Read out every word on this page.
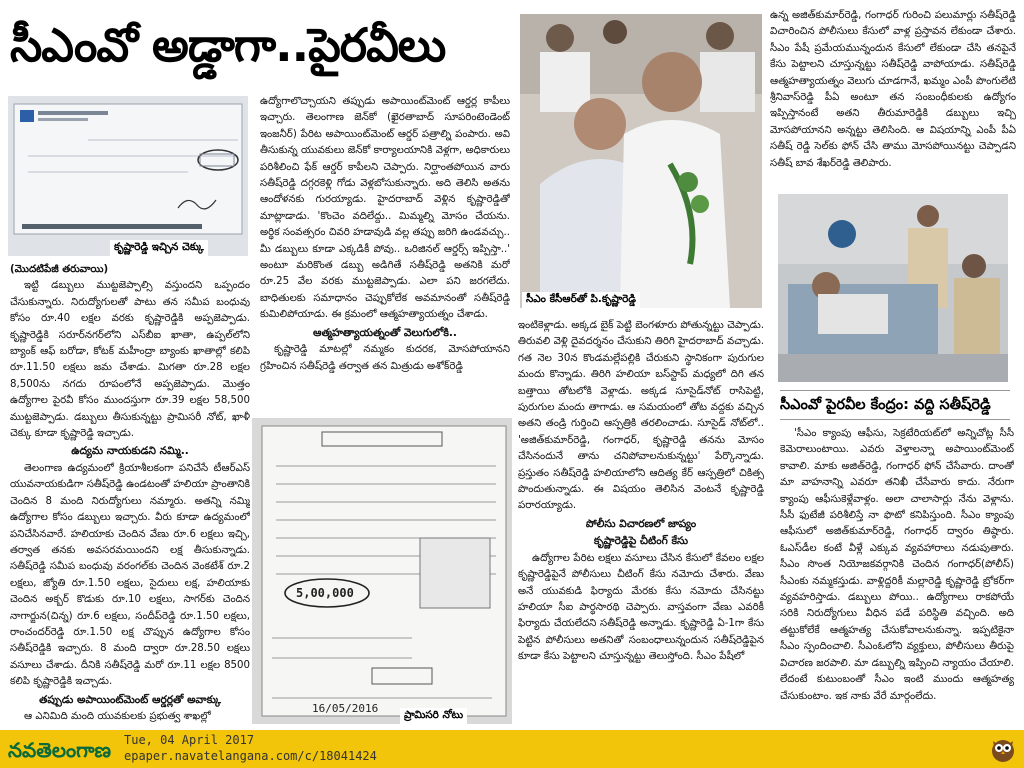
సీఎంవో అడ్డాగా..పైరవీలు
కృష్ణారెడ్డి ఇచ్చిన చెక్కు

(మొదటిపేజీ తరువాయి)

ఇట్టి డబ్బులు ముట్టజెప్పాల్సి వస్తుందని ఒప్పందం చేసుకున్నారు. నిరుద్యోగులతో పాటు తన సమీప బంధువు కోసం రూ.40 లక్షల వరకు కృష్ణారెడ్డికి అప్పజెప్పాడు. కృష్ణారెడ్డికి సరూర్‌నగర్‌లోని ఎస్‌బీఐ ఖాతా, ఉప్పల్‌లోని బ్యాంక్ ఆఫ్ బరోడా, కోటక్ మహీంద్రా బ్యాంకు ఖాతాల్లో కలిపి రూ.11.50 లక్షలు జమ చేశాడు. మిగతా రూ.28 లక్షల 8,500ను నగదు రూపంలోనే అప్పజెప్పాడు. మొత్తం ఉద్యోగాల పైరవీ కోసం ముందస్తుగా రూ.39 లక్షల 58,500 ముట్టజెప్పాడు. డబ్బులు తీసుకున్నట్టు ప్రామిసరీ నోట్, ఖాళీ చెక్కు కూడా కృష్ణారెడ్డి ఇచ్చాడు.

ఉద్యమ నాయకుడని నమ్మి..

తెలంగాణ ఉద్యమంలో క్రియాశీలకంగా పనిచేసే టీఆర్ఎస్ యువనాయకుడిగా సతీష్‌రెడ్డి ఉండటంతో హలియా ప్రాంతానికి చెందిన 8 మంది నిరుద్యోగులు నమ్మారు. అతన్ని నమ్మి ఉద్యోగాల కోసం డబ్బులు ఇచ్చారు. వీరు కూడా ఉద్యమంలో పనిచేసినవారే. హలియాకు చెందిన వేణు రూ.6 లక్షలు ఇచ్చి, తర్వాత తనకు అవసరమయిందని లక్ష తీసుకున్నాడు. సతీష్‌రెడ్డి సమీప బంధువు వరంగల్‌కు చెందిన వెంకటేశ్ రూ.2 లక్షలు, జ్యోతి రూ.1.50 లక్షలు, సైదులు లక్ష, హలియాకు చెందిన అక్బర్ కొడుకు రూ.10 లక్షలు, సాగర్‌కు చెందిన నాగార్జున(చిన్న) రూ.6 లక్షలు, సందీప్‌రెడ్డి రూ.1.50 లక్షలు, రాంచందర్‌రెడ్డి రూ.1.50 లక్ష చొప్పున ఉద్యోగాల కోసం సతీష్‌రెడ్డికి ఇచ్చారు. 8 మంది ద్వారా రూ.28.50 లక్షలు వసూలు చేశాడు. దీనికి సతీష్‌రెడ్డి మరో రూ.11 లక్షల 8500 కలిపి కృష్ణారెడ్డికి ఇచ్చాడు.

తప్పుడు అపాయింట్‌మెంట్ ఆర్డర్లతో అవాక్కు

ఆ ఎనిమిది మంది యువకులకు ప్రభుత్వ శాఖల్లో

ఉద్యోగాలొచ్చాయని తప్పుడు అపాయింట్‌మెంట్ ఆర్డర్ల కాపీలు ఇచ్చారు. తెలంగాణ జెన్‌కో (ఖైరతాబాద్ సూపరింటెండెంట్ ఇంజనీర్) పేరిట అపాయింట్‌మెంట్ ఆర్డర్ పత్రాల్ని పంపారు. అవి తీసుకున్న యువకులు జెన్‌కో కార్యాలయానికి వెళ్లగా, అధికారులు పరిశీలించి ఫేక్ ఆర్డర్ కాపీలని చెప్పారు. నిర్ఘాంతపోయిన వారు సతీష్‌రెడ్డి దగ్గరకెళ్లి గోడు వెళ్లబోసుకున్నారు. అది తెలిసి అతను ఆందోళనకు గురయ్యాడు. హైదరాబాద్ వెళ్లిన కృష్ణారెడ్డితో మాట్లాడాడు. 'కొంచెం వదిలేద్దు.. మిమ్మల్ని మోసం చేయను. అర్థిక సంవత్సరం చివరి హడావుడి వల్ల తప్పు జరిగి ఉండవచ్చు.. మీ డబ్బులు కూడా ఎక్కడికీ పోవు.. ఒరిజినల్ ఆర్డర్స్ ఇప్పిస్తా..' అంటూ మరికొంత డబ్బు అడిగితే సతీష్‌రెడ్డి అతనికి మరో రూ.25 వేల వరకు ముట్టజెప్పాడు. ఎలా పని జరగలేదు. బాధితులకు సమాధానం చెప్పుకోలేక అవమానంతో సతీష్‌రెడ్డి కుమిలిపోయాడు. ఈ క్రమంలో ఆత్మహత్యాయత్నం చేశాడు.

ఆత్మహత్యాయత్నంతో వెలుగులోకి..

కృష్ణారెడ్డి మాటల్లో నమ్మకం కుదరక, మోసపోయానని గ్రహించిన సతీష్‌రెడ్డి తర్వాత తన మిత్రుడు అశోక్‌రెడ్డి

5,00,000
16/05/2016	ప్రామిసరి నోటు
సీఎం కేసీఆర్‌తో పి.కృష్ణారెడ్డి

ఇంటికెళ్లాడు. అక్కడ బైక్ పెట్టి బెంగళూరు పోతున్నట్టు చెప్పాడు. తిరువలి వెళ్లి దైవదర్శనం చేసుకుని తిరిగి హైదరాబాద్ వచ్చాడు. గత నెల 30న కొండమల్లేపల్లికి చేరుకుని స్థానికంగా పురుగుల మందు కొన్నాడు. తిరిగి హలియా బస్‌స్టాప్ మధ్యలో దిగి తన బత్తాయి తోటలోకి వెళ్లాడు. అక్కడ సూసైడ్‌నోట్ రాసిపెట్టి, పురుగుల మందు తాగాడు. ఆ సమయంలో తోట వద్దకు వచ్చిన అతని తండ్రి గుర్తించి ఆస్పత్రికి తరలించాడు. సూసైడ్ నోట్‌లో.. 'అజిత్‌కుమార్‌రెడ్డి, గంగాధర్, కృష్ణారెడ్డి తనను మోసం చేసినందునే తాను చనిపోవాలనుకున్నట్టు' పేర్కొన్నాడు. ప్రస్తుతం సతీష్‌రెడ్డి హలియాలోని ఆదిత్య కేర్ ఆస్పత్రిలో చికిత్స పొందుతున్నాడు. ఈ విషయం తెలిసిన వెంటనే కృష్ణారెడ్డి పరారయ్యాడు.

పోలీసు విచారణలో జాప్యం

కృష్ణారెడ్డిపై చీటింగ్ కేసు

ఉద్యోగాల పేరిట లక్షలు వసూలు చేసిన కేసులో కేవలం లక్షల కృష్ణారెడ్డిపైనే పోలీసులు చీటింగ్ కేసు నమోదు చేశారు. వేణు అనే యువకుడి ఫిర్యాదు మేరకు కేసు నమోదు చేసినట్టు హలియా సీఐ పార్థసారథి చెప్పారు. వాస్తవంగా వేణు ఎవరికీ ఫిర్యాదు చేయలేదని సతీష్‌రెడ్డి అన్నాడు. కృష్ణారెడ్డి ఏ-1గా కేసు పెట్టిన పోలీసులు అతనితో సంబంధాలున్నందున సతీష్‌రెడ్డిపైన కూడా కేసు పెట్టాలని చూస్తున్నట్టు తెలుస్తోంది. సీఎం పేషీలో

ఉన్న అజిత్‌కుమార్‌రెడ్డి, గంగాధర్ గురించి పలుమార్లు సతీష్‌రెడ్డి విచారించిన పోలీసులు కేసులో వాళ్ల ప్రస్తావన లేకుండా చేశారు. సీఎం పేషీ ప్రమేయమున్నందున కేసులో లేకుండా చేసి తనపైనే కేసు పెట్టాలని చూస్తున్నట్టు సతీష్‌రెడ్డి వాపోయాడు. సతీష్‌రెడ్డి ఆత్మహత్యాయత్నం వెలుగు చూడగానే, ఖమ్మం ఎంపీ పొంగులేటి శ్రీనివాస్‌రెడ్డి పీఏ అంటూ తన సంబంధీకులకు ఉద్యోగం ఇప్పిస్తానంటే అతని తీరుమారెడ్డికి డబ్బులు ఇచ్చి మోసపోయానని అన్నట్టు తెలిసింది. ఆ విషయాన్ని ఎంపీ పీఏ సతీష్ రెడ్డి సెల్‌కు ఫోన్ చేసి తాము మోసపోయినట్టు చెప్పాడని సతీష్ బావ శేఖర్‌రెడ్డి తెలిపారు.

సీఎంవో పైరవీల కేంద్రం: వద్ది సతీష్‌రెడ్డి

'సీఎం క్యాంపు ఆఫీసు, సెక్రటేరియట్‌లో అన్నిచోట్ల సీసీ కెమెరాలుంటాయి. ఎవరు వెళ్తాలన్నా అపాయింట్‌మెంట్ కావాలి. మాకు అజిత్‌రెడ్డి, గంగాధర్ ఫోన్ చేసేవారు. దాంతో మా వాహనాన్ని ఎవరూ తనిఖీ చేసేవారు కాదు. నేరుగా క్యాంపు ఆఫీసుకెళ్లేవాళ్లం. అలా చాలాసార్లు నేను వెళ్లాను. సీసీ ఫుటేజీ పరిశీలిస్తే నా ఫొటో కనిపిస్తుంది. సీఎం క్యాంపు ఆఫీసులో అజిత్‌కుమార్‌రెడ్డి, గంగాధర్ ద్వారం తిష్ఠారు. ఓఎస్‌డీల కంటే వీళ్లే ఎక్కువ వ్యవహారాలు నడుపుతారు. సీఎం సొంత నియోజకవర్గానికి చెందిన గంగాధర్(పోలీస్) సీఎంకు నమ్మకస్తుడు. వాళ్లిద్దరికీ మల్లారెడ్డి కృష్ణారెడ్డి బ్రోకర్‌గా వ్యవహరిస్తాడు. డబ్బులు పోయి.. ఉద్యోగాలు రాకపోయే సరికి నిరుద్యోగులు వీధిన పడే పరిస్థితి వచ్చింది. అది తట్టుకోలేకే ఆత్మహత్య చేసుకోవాలనుకున్నా. ఇప్పటికైనా సీఎం స్పందించాలి. సీఎంఓలోని వ్యక్తులు, పోలీసులు తీరుపై విచారణ జరపాలి. మా డబ్బుల్ని ఇప్పించి న్యాయం చేయాలి. లేదంటే కుటుంబంతో సీఎం ఇంటి ముందు ఆత్మహత్య చేసుకుంటాం. ఇక నాకు వేరే మార్గంలేదు.

నవతెలంగాణ Tue, 04 April 2017
epaper.navatelangana.com/c/18041424
